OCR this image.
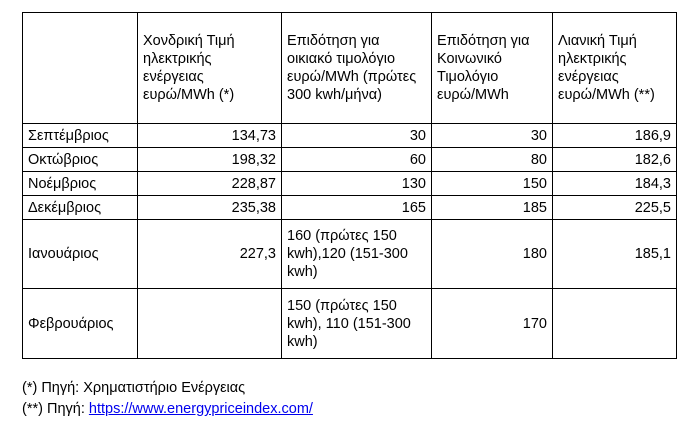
	Χονδρική Τιμή ηλεκτρικής ενέργειας ευρώ/MWh (*)	Επιδότηση για οικιακό τιμολόγιο ευρώ/MWh (πρώτες 300 kwh/μήνα)	Επιδότηση για Κοινωνικό Τιμολόγιο ευρώ/MWh	Λιανική Τιμή ηλεκτρικής ενέργειας ευρώ/MWh (**)
Σεπτέμβριος	134,73	30	30	186,9
Οκτώβριος	198,32	60	80	182,6
Νοέμβριος	228,87	130	150	184,3
Δεκέμβριος	235,38	165	185	225,5
Ιανουάριος	227,3	160 (πρώτες 150 kwh),120 (151-300 kwh)	180	185,1
Φεβρουάριος		150 (πρώτες 150 kwh), 110 (151-300 kwh)	170	
(*) Πηγή: Χρηματιστήριο Ενέργειας
(**) Πηγή: https://www.energypriceindex.com/
